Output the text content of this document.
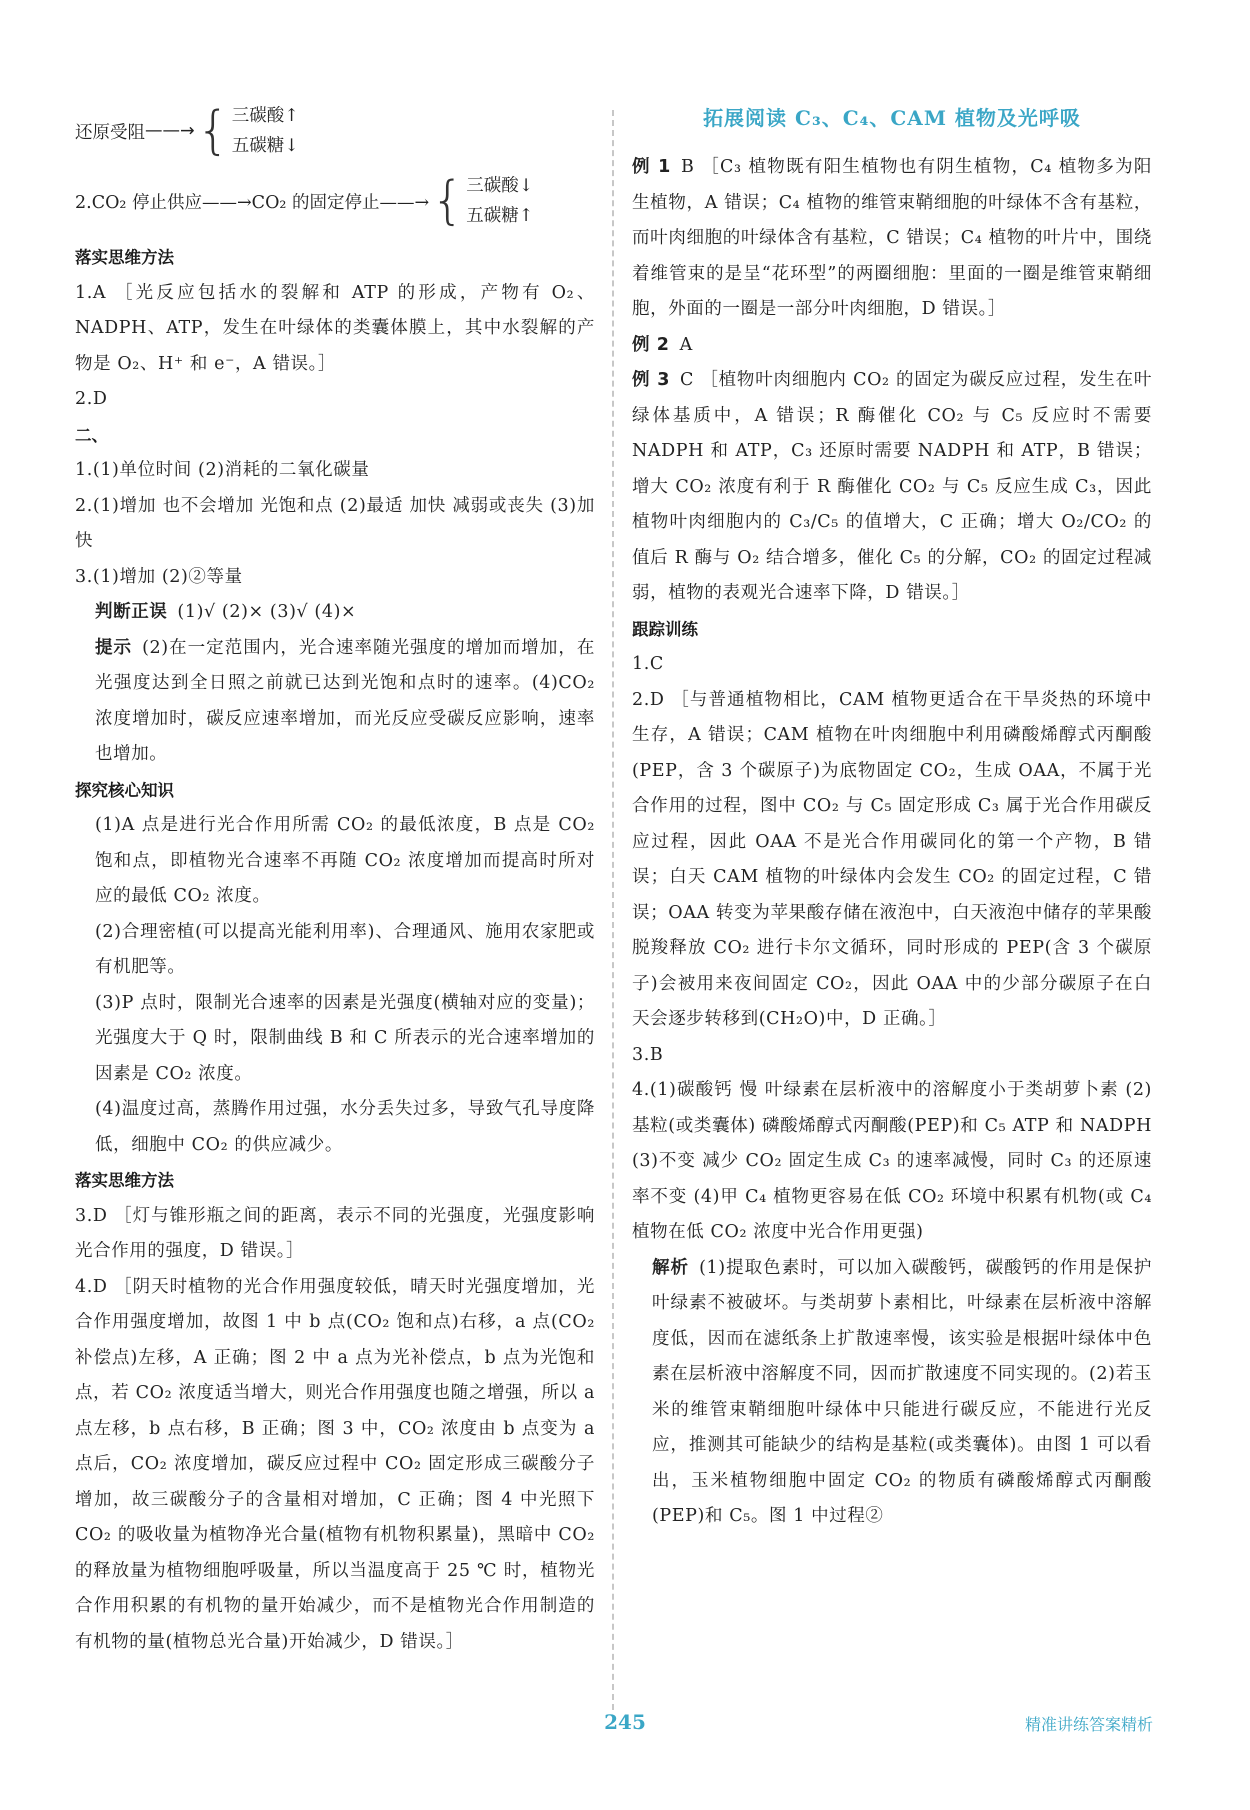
还原受阻 ——→ { 三碳酸↑
五碳糖↓
2.CO₂ 停止供应——→CO₂ 的固定停止——→ { 三碳酸↓
五碳糖↑
落实思维方法

1.A ［光反应包括水的裂解和 ATP 的形成，产物有 O₂、NADPH、ATP，发生在叶绿体的类囊体膜上，其中水裂解的产物是 O₂、H⁺ 和 e⁻，A 错误。］

2.D

二、

1.(1)单位时间 (2)消耗的二氧化碳量

2.(1)增加 也不会增加 光饱和点 (2)最适 加快 减弱或丧失 (3)加快

3.(1)增加 (2)②等量

判断正误 (1)√ (2)× (3)√ (4)×

提示 (2)在一定范围内，光合速率随光强度的增加而增加，在光强度达到全日照之前就已达到光饱和点时的速率。(4)CO₂ 浓度增加时，碳反应速率增加，而光反应受碳反应影响，速率也增加。

探究核心知识

(1)A 点是进行光合作用所需 CO₂ 的最低浓度，B 点是 CO₂ 饱和点，即植物光合速率不再随 CO₂ 浓度增加而提高时所对应的最低 CO₂ 浓度。

(2)合理密植(可以提高光能利用率)、合理通风、施用农家肥或有机肥等。

(3)P 点时，限制光合速率的因素是光强度(横轴对应的变量)；光强度大于 Q 时，限制曲线 B 和 C 所表示的光合速率增加的因素是 CO₂ 浓度。

(4)温度过高，蒸腾作用过强，水分丢失过多，导致气孔导度降低，细胞中 CO₂ 的供应减少。

落实思维方法

3.D ［灯与锥形瓶之间的距离，表示不同的光强度，光强度影响光合作用的强度，D 错误。］

4.D ［阴天时植物的光合作用强度较低，晴天时光强度增加，光合作用强度增加，故图 1 中 b 点(CO₂ 饱和点)右移，a 点(CO₂ 补偿点)左移，A 正确；图 2 中 a 点为光补偿点，b 点为光饱和点，若 CO₂ 浓度适当增大，则光合作用强度也随之增强，所以 a 点左移，b 点右移，B 正确；图 3 中，CO₂ 浓度由 b 点变为 a 点后，CO₂ 浓度增加，碳反应过程中 CO₂ 固定形成三碳酸分子增加，故三碳酸分子的含量相对增加，C 正确；图 4 中光照下 CO₂ 的吸收量为植物净光合量(植物有机物积累量)，黑暗中 CO₂ 的释放量为植物细胞呼吸量，所以当温度高于 25 ℃ 时，植物光合作用积累的有机物的量开始减少，而不是植物光合作用制造的有机物的量(植物总光合量)开始减少，D 错误。］

拓展阅读 C₃、C₄、CAM 植物及光呼吸

例 1 B ［C₃ 植物既有阳生植物也有阴生植物，C₄ 植物多为阳生植物，A 错误；C₄ 植物的维管束鞘细胞的叶绿体不含有基粒，而叶肉细胞的叶绿体含有基粒，C 错误；C₄ 植物的叶片中，围绕着维管束的是呈“花环型”的两圈细胞：里面的一圈是维管束鞘细胞，外面的一圈是一部分叶肉细胞，D 错误。］

例 2 A

例 3 C ［植物叶肉细胞内 CO₂ 的固定为碳反应过程，发生在叶绿体基质中，A 错误；R 酶催化 CO₂ 与 C₅ 反应时不需要 NADPH 和 ATP，C₃ 还原时需要 NADPH 和 ATP，B 错误；增大 CO₂ 浓度有利于 R 酶催化 CO₂ 与 C₅ 反应生成 C₃，因此植物叶肉细胞内的 C₃/C₅ 的值增大，C 正确；增大 O₂/CO₂ 的值后 R 酶与 O₂ 结合增多，催化 C₅ 的分解，CO₂ 的固定过程减弱，植物的表观光合速率下降，D 错误。］

跟踪训练

1.C

2.D ［与普通植物相比，CAM 植物更适合在干旱炎热的环境中生存，A 错误；CAM 植物在叶肉细胞中利用磷酸烯醇式丙酮酸(PEP，含 3 个碳原子)为底物固定 CO₂，生成 OAA，不属于光合作用的过程，图中 CO₂ 与 C₅ 固定形成 C₃ 属于光合作用碳反应过程，因此 OAA 不是光合作用碳同化的第一个产物，B 错误；白天 CAM 植物的叶绿体内会发生 CO₂ 的固定过程，C 错误；OAA 转变为苹果酸存储在液泡中，白天液泡中储存的苹果酸脱羧释放 CO₂ 进行卡尔文循环，同时形成的 PEP(含 3 个碳原子)会被用来夜间固定 CO₂，因此 OAA 中的少部分碳原子在白天会逐步转移到(CH₂O)中，D 正确。］

3.B

4.(1)碳酸钙 慢 叶绿素在层析液中的溶解度小于类胡萝卜素 (2)基粒(或类囊体) 磷酸烯醇式丙酮酸(PEP)和 C₅ ATP 和 NADPH (3)不变 减少 CO₂ 固定生成 C₃ 的速率减慢，同时 C₃ 的还原速率不变 (4)甲 C₄ 植物更容易在低 CO₂ 环境中积累有机物(或 C₄ 植物在低 CO₂ 浓度中光合作用更强)

解析 (1)提取色素时，可以加入碳酸钙，碳酸钙的作用是保护叶绿素不被破坏。与类胡萝卜素相比，叶绿素在层析液中溶解度低，因而在滤纸条上扩散速率慢，该实验是根据叶绿体中色素在层析液中溶解度不同，因而扩散速度不同实现的。(2)若玉米的维管束鞘细胞叶绿体中只能进行碳反应，不能进行光反应，推测其可能缺少的结构是基粒(或类囊体)。由图 1 可以看出，玉米植物细胞中固定 CO₂ 的物质有磷酸烯醇式丙酮酸(PEP)和 C₅。图 1 中过程②

245	精准讲练答案精析
